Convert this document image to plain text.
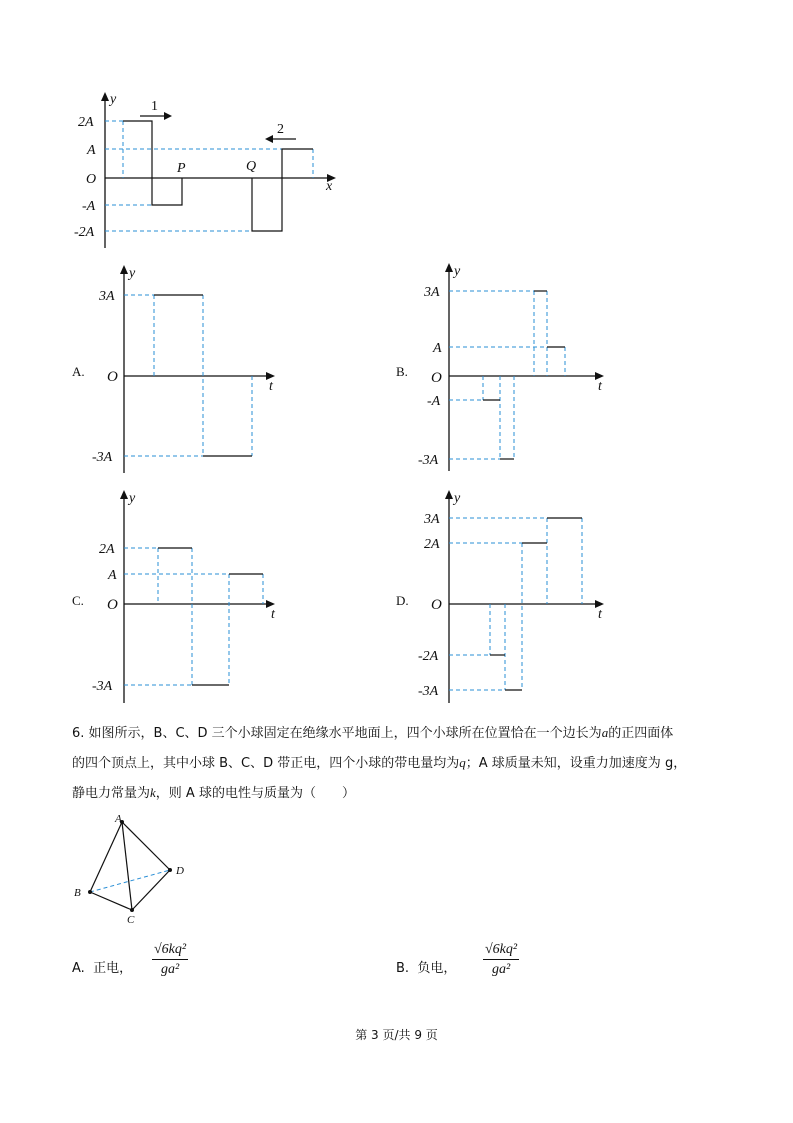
y
x
O
2A
A
-A
-2A
P	Q
1
2
A.
y
t
O
3A
-3A
B.
y
t
O
3A
A
-A
-3A
C.
y
t
O
2A
A
-3A
D.
y
t
O
3A
2A
-2A
-3A
6. 如图所示，B、C、D 三个小球固定在绝缘水平地面上，四个小球所在位置恰在一个边长为a的正四面体
的四个顶点上，其中小球 B、C、D 带正电，四个小球的带电量均为q；A 球质量未知，设重力加速度为 g，
静电力常量为k，则 A 球的电性与质量为（　　）
A
B
C
D
A. 正电， $\frac{\text{√6kq²}}{\text{ga²}}$	B. 负电， $\frac{\text{√6kq²}}{\text{ga²}}$
第 3 页/共 9 页
